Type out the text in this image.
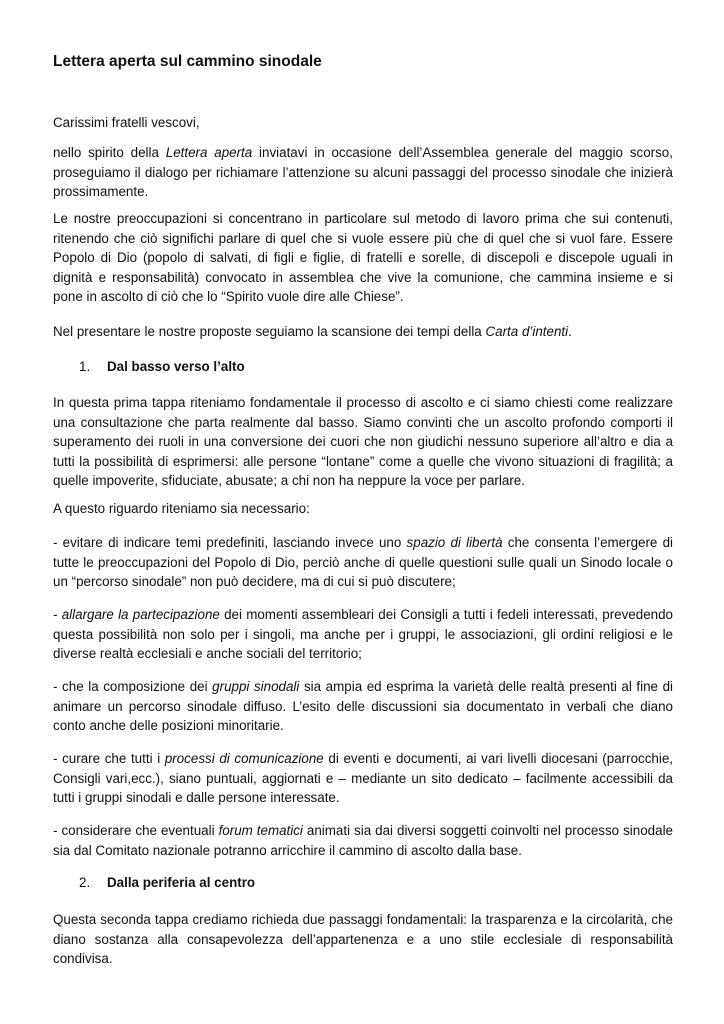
Lettera aperta sul cammino sinodale

Carissimi fratelli vescovi,

nello spirito della Lettera aperta inviatavi in occasione dell’Assemblea generale del maggio scorso, proseguiamo il dialogo per richiamare l’attenzione su alcuni passaggi del processo sinodale che inizierà prossimamente.

Le nostre preoccupazioni si concentrano in particolare sul metodo di lavoro prima che sui contenuti, ritenendo che ciò significhi parlare di quel che si vuole essere più che di quel che si vuol fare. Essere Popolo di Dio (popolo di salvati, di figli e figlie, di fratelli e sorelle, di discepoli e discepole uguali in dignità e responsabilità) convocato in assemblea che vive la comunione, che cammina insieme e si pone in ascolto di ciò che lo “Spirito vuole dire alle Chiese”.

Nel presentare le nostre proposte seguiamo la scansione dei tempi della Carta d’intenti.

1. Dal basso verso l’alto

In questa prima tappa riteniamo fondamentale il processo di ascolto e ci siamo chiesti come realizzare una consultazione che parta realmente dal basso. Siamo convinti che un ascolto profondo comporti il superamento dei ruoli in una conversione dei cuori che non giudichi nessuno superiore all’altro e dia a tutti la possibilità di esprimersi: alle persone “lontane” come a quelle che vivono situazioni di fragilità; a quelle impoverite, sfiduciate, abusate; a chi non ha neppure la voce per parlare.

A questo riguardo riteniamo sia necessario:

- evitare di indicare temi predefiniti, lasciando invece uno spazio di libertà che consenta l’emergere di tutte le preoccupazioni del Popolo di Dio, perciò anche di quelle questioni sulle quali un Sinodo locale o un “percorso sinodale” non può decidere, ma di cui si può discutere;

- allargare la partecipazione dei momenti assembleari dei Consigli a tutti i fedeli interessati, prevedendo questa possibilità non solo per i singoli, ma anche per i gruppi, le associazioni, gli ordini religiosi e le diverse realtà ecclesiali e anche sociali del territorio;

- che la composizione dei gruppi sinodali sia ampia ed esprima la varietà delle realtà presenti al fine di animare un percorso sinodale diffuso. L’esito delle discussioni sia documentato in verbali che diano conto anche delle posizioni minoritarie.

- curare che tutti i processi di comunicazione di eventi e documenti, ai vari livelli diocesani (parrocchie, Consigli vari,ecc.), siano puntuali, aggiornati e – mediante un sito dedicato – facilmente accessibili da tutti i gruppi sinodali e dalle persone interessate.

- considerare che eventuali forum tematici animati sia dai diversi soggetti coinvolti nel processo sinodale sia dal Comitato nazionale potranno arricchire il cammino di ascolto dalla base.

2. Dalla periferia al centro

Questa seconda tappa crediamo richieda due passaggi fondamentali: la trasparenza e la circolarità, che diano sostanza alla consapevolezza dell’appartenenza e a uno stile ecclesiale di responsabilità condivisa.
